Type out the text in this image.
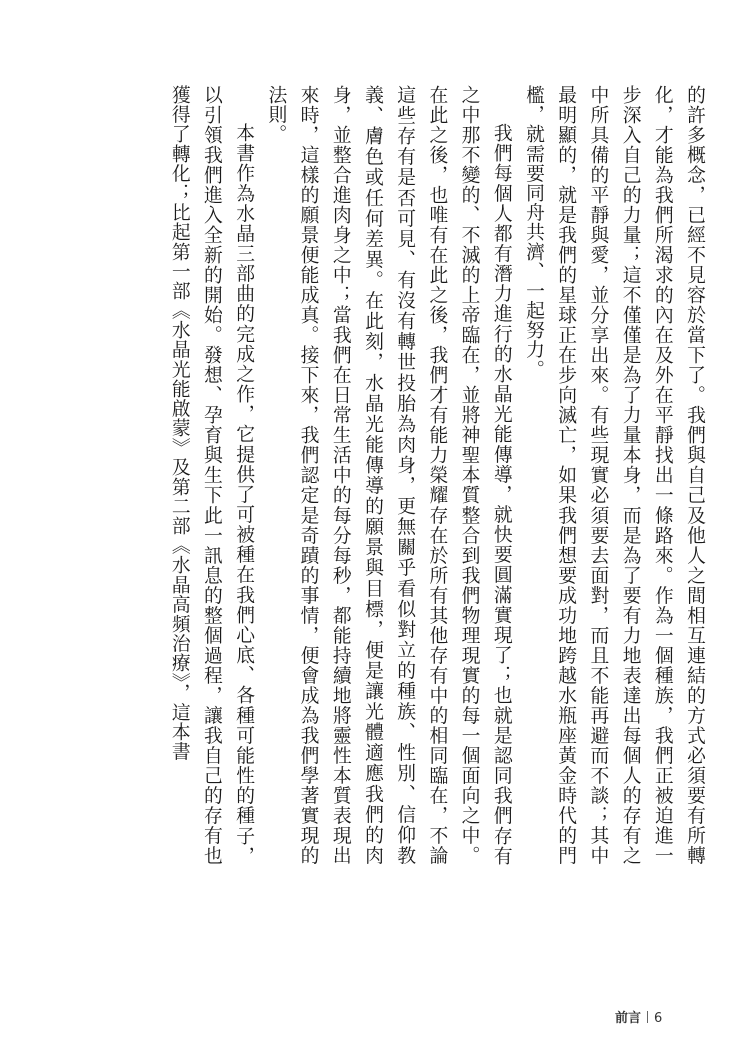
的許多概念，已經不見容於當下了。我們與自己及他人之間相互連結的方式必須要有所轉化，才能為我們所渴求的內在及外在平靜找出一條路來。作為一個種族，我們正被迫進一步深入自己的力量；這不僅僅是為了力量本身，而是為了要有力地表達出每個人的存有之中所具備的平靜與愛，並分享出來。有些現實必須要去面對，而且不能再避而不談；其中最明顯的，就是我們的星球正在步向滅亡，如果我們想要成功地跨越水瓶座黃金時代的門檻，就需要同舟共濟、一起努力。

我們每個人都有潛力進行的水晶光能傳導，就快要圓滿實現了；也就是認同我們存有之中那不變的、不滅的上帝臨在，並將神聖本質整合到我們物理現實的每一個面向之中。在此之後，也唯有在此之後，我們才有能力榮耀存在於所有其他存有中的相同臨在，不論這些存有是否可見、有沒有轉世投胎為肉身，更無關乎看似對立的種族、性別、信仰教義、膚色或任何差異。在此刻，水晶光能傳導的願景與目標，便是讓光體適應我們的肉身，並整合進肉身之中；當我們在日常生活中的每分每秒，都能持續地將靈性本質表現出來時，這樣的願景便能成真。接下來，我們認定是奇蹟的事情，便會成為我們學著實現的法則。

本書作為水晶三部曲的完成之作，它提供了可被種在我們心底、各種可能性的種子，以引領我們進入全新的開始。發想、孕育與生下此一訊息的整個過程，讓我自己的存有也獲得了轉化；比起第一部《水晶光能啟蒙》及第二部《水晶高頻治療》，這本書

前言 6
